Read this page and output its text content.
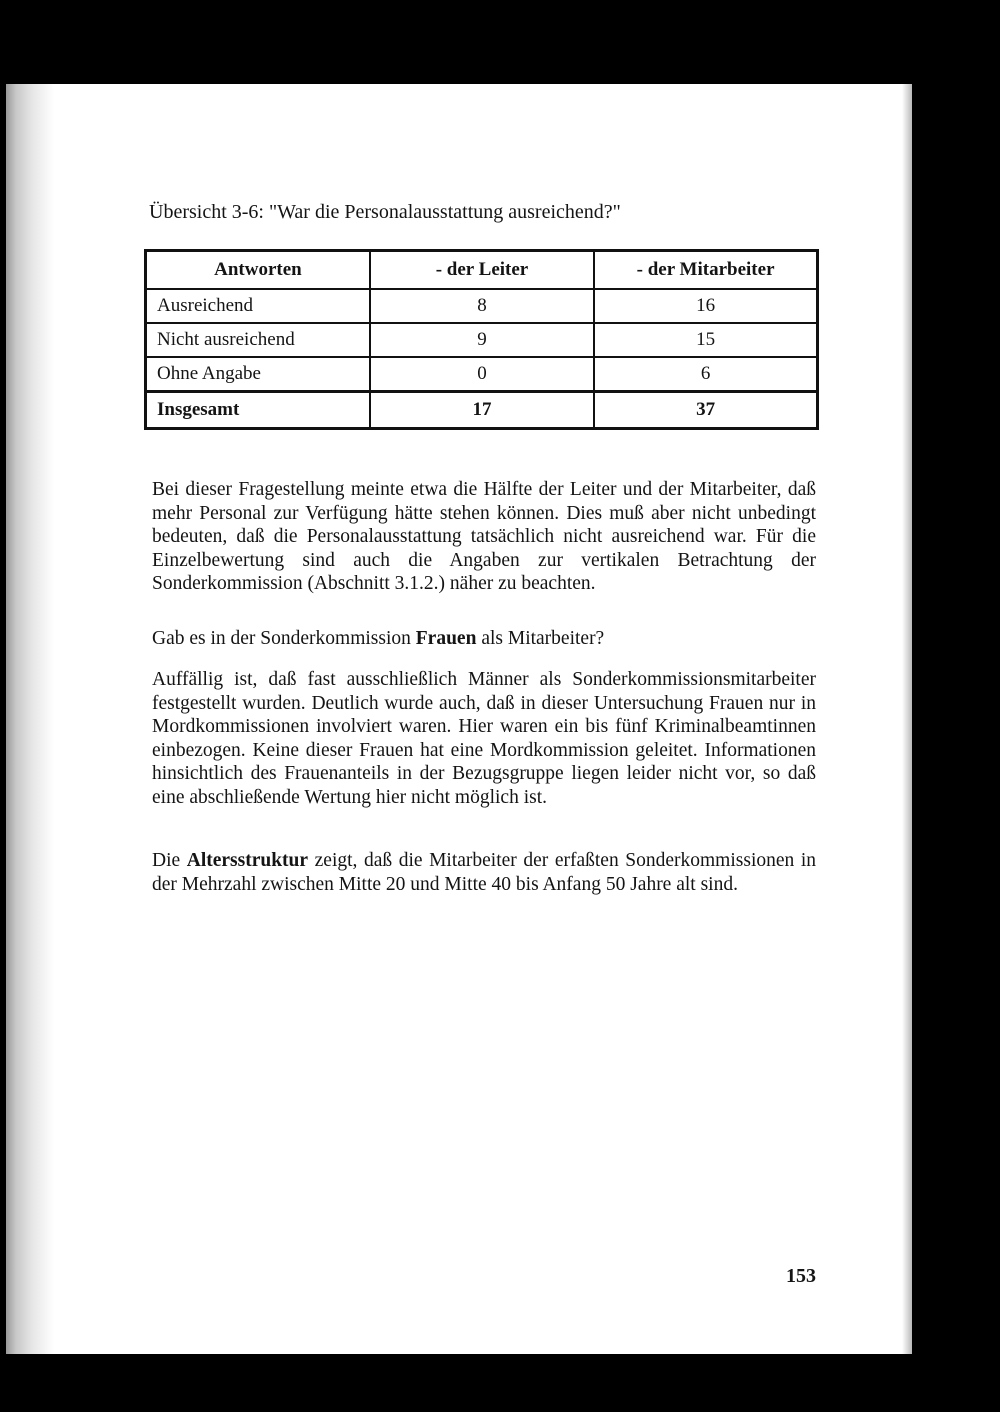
Übersicht 3-6: "War die Personalausstattung ausreichend?"
Antworten	- der Leiter	- der Mitarbeiter
Ausreichend	8	16
Nicht ausreichend	9	15
Ohne Angabe	0	6
Insgesamt	17	37

Bei dieser Fragestellung meinte etwa die Hälfte der Leiter und der Mitarbeiter, daß mehr Personal zur Verfügung hätte stehen können. Dies muß aber nicht unbedingt bedeuten, daß die Personalausstattung tatsächlich nicht ausreichend war. Für die Einzelbewertung sind auch die Angaben zur vertikalen Betrachtung der Sonderkommission (Abschnitt 3.1.2.) näher zu beachten.

Gab es in der Sonderkommission Frauen als Mitarbeiter?

Auffällig ist, daß fast ausschließlich Männer als Sonderkommissionsmitarbeiter festgestellt wurden. Deutlich wurde auch, daß in dieser Untersuchung Frauen nur in Mordkommissionen involviert waren. Hier waren ein bis fünf Kriminalbeamtinnen einbezogen. Keine dieser Frauen hat eine Mordkommission geleitet. Informationen hinsichtlich des Frauenanteils in der Bezugsgruppe liegen leider nicht vor, so daß eine abschließende Wertung hier nicht möglich ist.

Die Altersstruktur zeigt, daß die Mitarbeiter der erfaßten Sonderkommissionen in der Mehrzahl zwischen Mitte 20 und Mitte 40 bis Anfang 50 Jahre alt sind.

153
